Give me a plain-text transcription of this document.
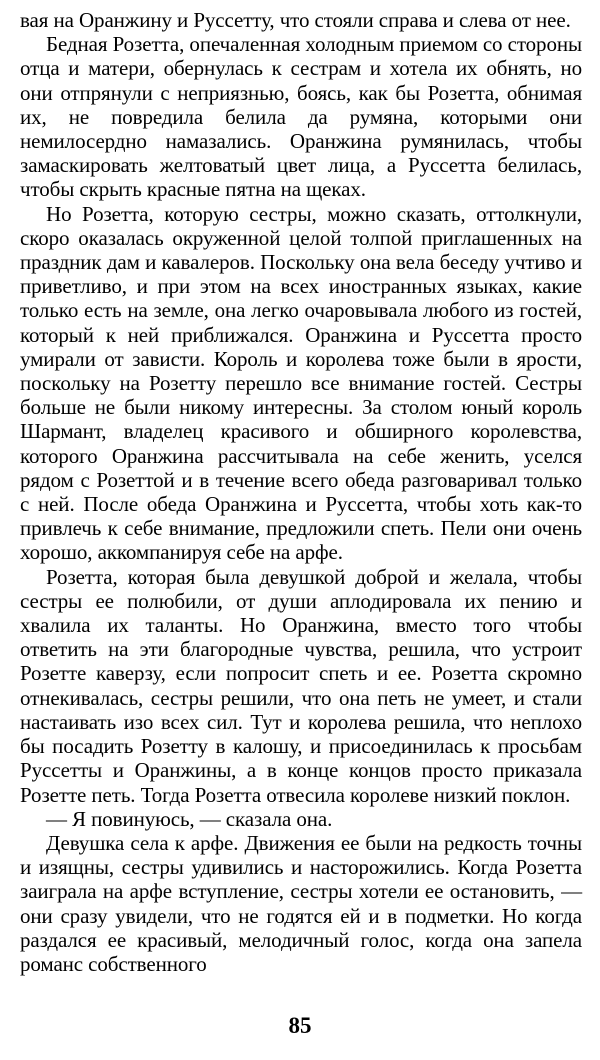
вая на Оранжину и Руссетту, что стояли справа и слева от нее.

Бедная Розетта, опечаленная холодным приемом со стороны отца и матери, обернулась к сестрам и хотела их обнять, но они отпрянули с неприязнью, боясь, как бы Розетта, обнимая их, не повредила белила да румяна, которыми они немилосердно намазались. Оранжина румянилась, чтобы замаскировать желтоватый цвет лица, а Руссетта белилась, чтобы скрыть красные пятна на щеках.

Но Розетта, которую сестры, можно сказать, оттолкнули, скоро оказалась окруженной целой толпой приглашенных на праздник дам и кавалеров. Поскольку она вела беседу учтиво и приветливо, и при этом на всех иностранных языках, какие только есть на земле, она легко очаровывала любого из гостей, который к ней приближался. Оранжина и Руссетта просто умирали от зависти. Король и королева тоже были в ярости, поскольку на Розетту перешло все внимание гостей. Сестры больше не были никому интересны. За столом юный король Шармант, владелец красивого и обширного королевства, которого Оранжина рассчитывала на себе женить, уселся рядом с Розеттой и в течение всего обеда разговаривал только с ней. После обеда Оранжина и Руссетта, чтобы хоть как-то привлечь к себе внимание, предложили спеть. Пели они очень хорошо, аккомпанируя себе на арфе.

Розетта, которая была девушкой доброй и желала, чтобы сестры ее полюбили, от души аплодировала их пению и хвалила их таланты. Но Оранжина, вместо того чтобы ответить на эти благородные чувства, решила, что устроит Розетте каверзу, если попросит спеть и ее. Розетта скромно отнекивалась, сестры решили, что она петь не умеет, и стали настаивать изо всех сил. Тут и королева решила, что неплохо бы посадить Розетту в калошу, и присоединилась к просьбам Руссетты и Оранжины, а в конце концов просто приказала Розетте петь. Тогда Розетта отвесила королеве низкий поклон.

— Я повинуюсь, — сказала она.

Девушка села к арфе. Движения ее были на редкость точны и изящны, сестры удивились и насторожились. Когда Розетта заиграла на арфе вступление, сестры хотели ее остановить, — они сразу увидели, что не годятся ей и в подметки. Но когда раздался ее красивый, мелодичный голос, когда она запела романс собственного

85
